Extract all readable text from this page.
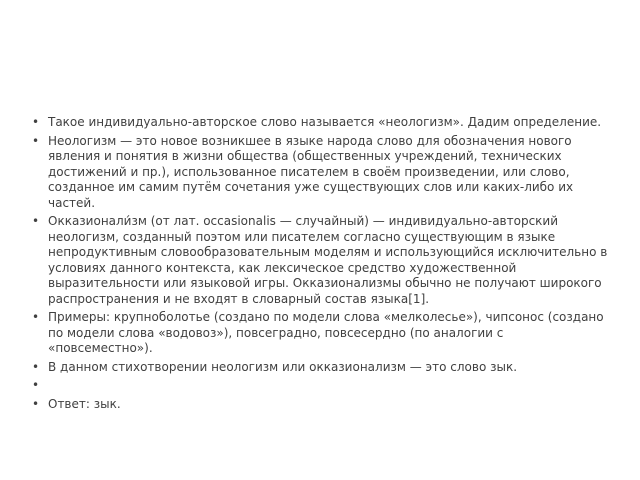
• Такое индивидуально-авторское слово называется «неологизм». Дадим определение.
• Неологизм — это новое возникшее в языке народа слово для обозначения нового явления и понятия в жизни общества (общественных учреждений, технических достижений и пр.), использованное писателем в своём произведении, или слово, созданное им самим путём сочетания уже существующих слов или каких-либо их частей.
• Окказионали́зм (от лат. occasionalis — случайный) — индивидуально-авторский неологизм, созданный поэтом или писателем согласно существующим в языке непродуктивным словообразовательным моделям и использующийся исключительно в условиях данного контекста, как лексическое средство художественной выразительности или языковой игры. Окказионализмы обычно не получают широкого распространения и не входят в словарный состав языка[1].
• Примеры: крупноболотье (создано по модели слова «мелколесье»), чипсонос (создано по модели слова «водовоз»), повсеградно, повсесердно (по аналогии с «повсеместно»).
• В данном стихотворении неологизм или окказионализм — это слово зык.
•
• Ответ: зык.
